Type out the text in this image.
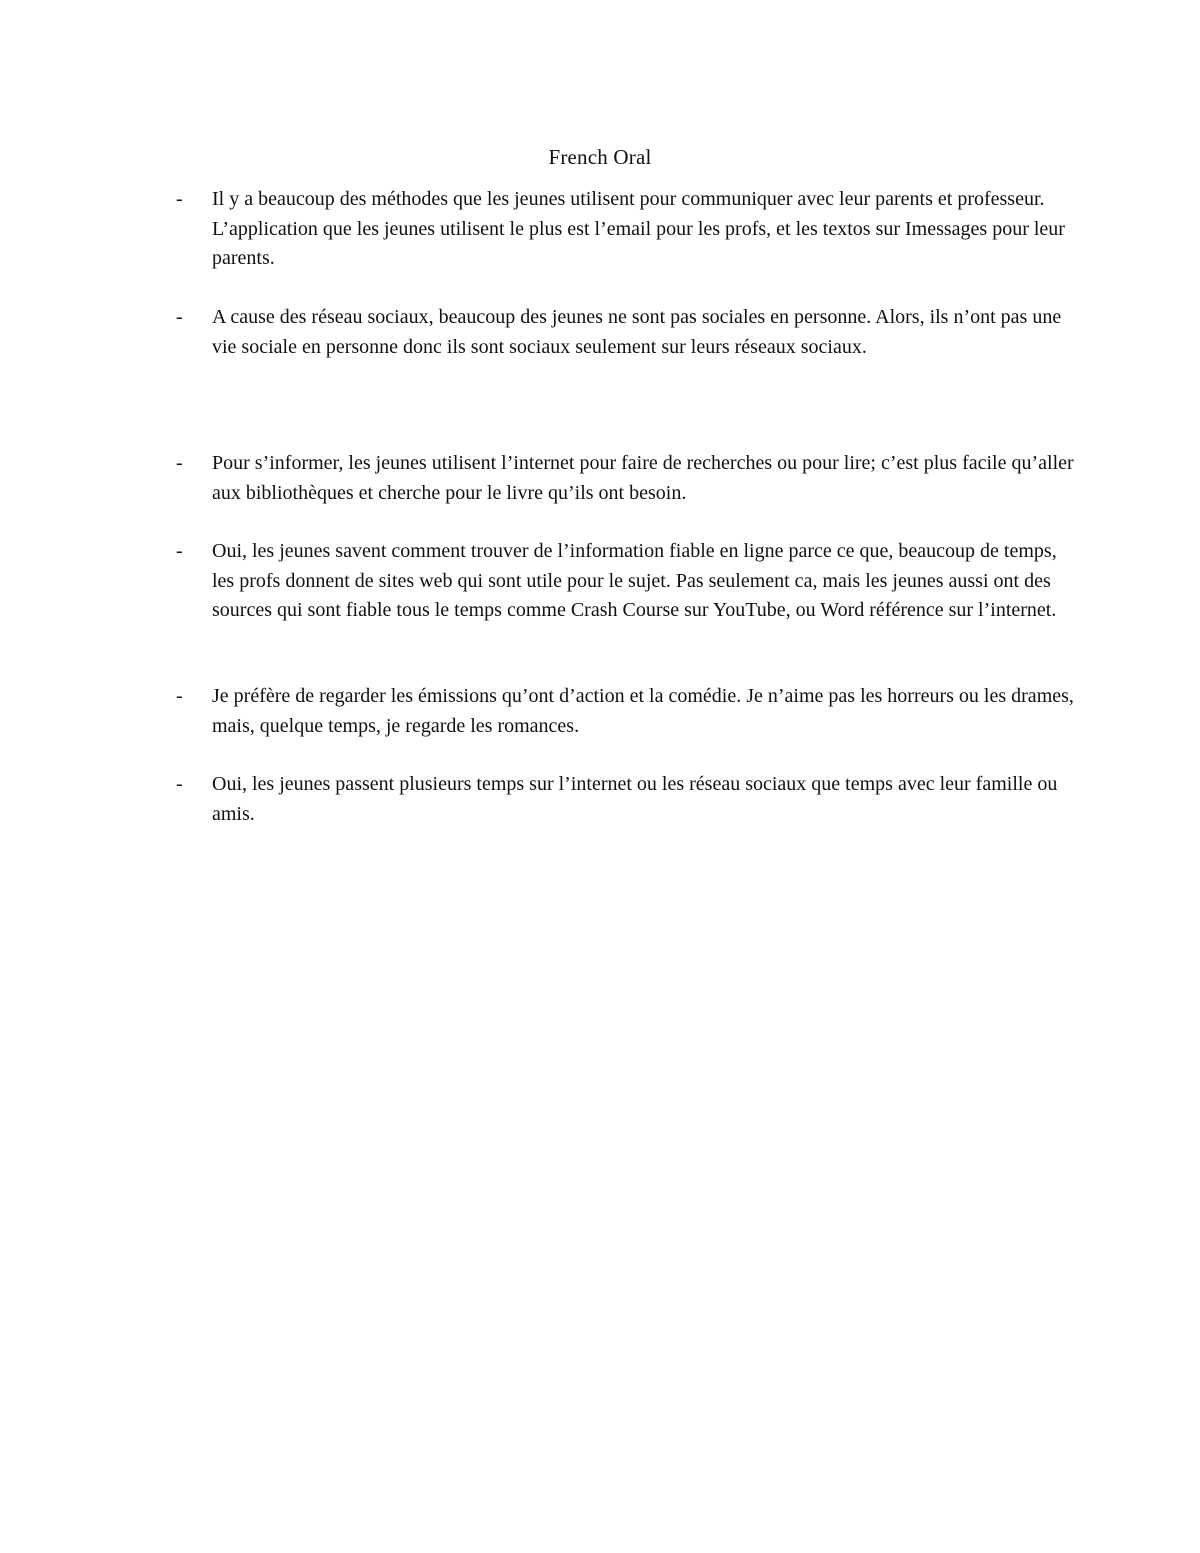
French Oral
-	Il y a beaucoup des méthodes que les jeunes utilisent pour communiquer avec leur parents et professeur. L’application que les jeunes utilisent le plus est l’email pour les profs, et les textos sur Imessages pour leur parents.
-	A cause des réseau sociaux, beaucoup des jeunes ne sont pas sociales en personne. Alors, ils n’ont pas une vie sociale en personne donc ils sont sociaux seulement sur leurs réseaux sociaux.
-	Pour s’informer, les jeunes utilisent l’internet pour faire de recherches ou pour lire; c’est plus facile qu’aller aux bibliothèques et cherche pour le livre qu’ils ont besoin.
-	Oui, les jeunes savent comment trouver de l’information fiable en ligne parce ce que, beaucoup de temps, les profs donnent de sites web qui sont utile pour le sujet. Pas seulement ca, mais les jeunes aussi ont des sources qui sont fiable tous le temps comme Crash Course sur YouTube, ou Word référence sur l’internet.
-	Je préfère de regarder les émissions qu’ont d’action et la comédie. Je n’aime pas les horreurs ou les drames, mais, quelque temps, je regarde les romances.
-	Oui, les jeunes passent plusieurs temps sur l’internet ou les réseau sociaux que temps avec leur famille ou amis.
